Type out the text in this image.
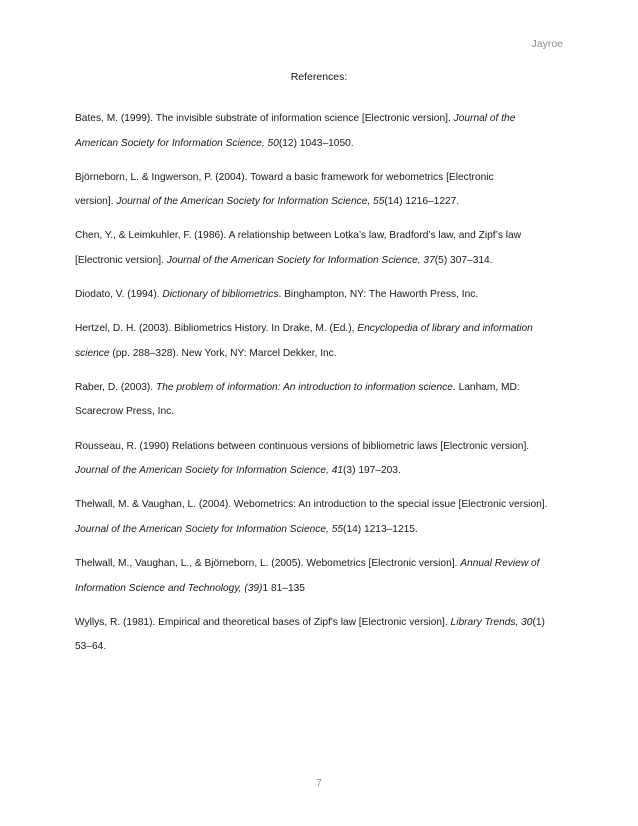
Jayroe
References:
Bates, M. (1999). The invisible substrate of information science [Electronic version]. Journal of the
American Society for Information Science, 50(12) 1043–1050.
Björneborn, L. & Ingwerson, P. (2004). Toward a basic framework for webometrics [Electronic
version]. Journal of the American Society for Information Science, 55(14) 1216–1227.
Chen, Y., & Leimkuhler, F. (1986). A relationship between Lotka’s law, Bradford’s law, and Zipf’s law
[Electronic version]. Journal of the American Society for Information Science, 37(5) 307–314.
Diodato, V. (1994). Dictionary of bibliometrics. Binghampton, NY: The Haworth Press, Inc.
Hertzel, D. H. (2003). Bibliometrics History. In Drake, M. (Ed.), Encyclopedia of library and information
science (pp. 288–328). New York, NY: Marcel Dekker, Inc.
Raber, D. (2003). The problem of information: An introduction to information science. Lanham, MD:
Scarecrow Press, Inc.
Rousseau, R. (1990) Relations between continuous versions of bibliometric laws [Electronic version].
Journal of the American Society for Information Science, 41(3) 197–203.
Thelwall, M. & Vaughan, L. (2004). Webometrics: An introduction to the special issue [Electronic version].
Journal of the American Society for Information Science, 55(14) 1213–1215.
Thelwall, M., Vaughan, L., & Björneborn, L. (2005). Webometrics [Electronic version]. Annual Review of
Information Science and Technology, (39)1 81–135
Wyllys, R. (1981). Empirical and theoretical bases of Zipf's law [Electronic version]. Library Trends, 30(1)
53–64.
7
